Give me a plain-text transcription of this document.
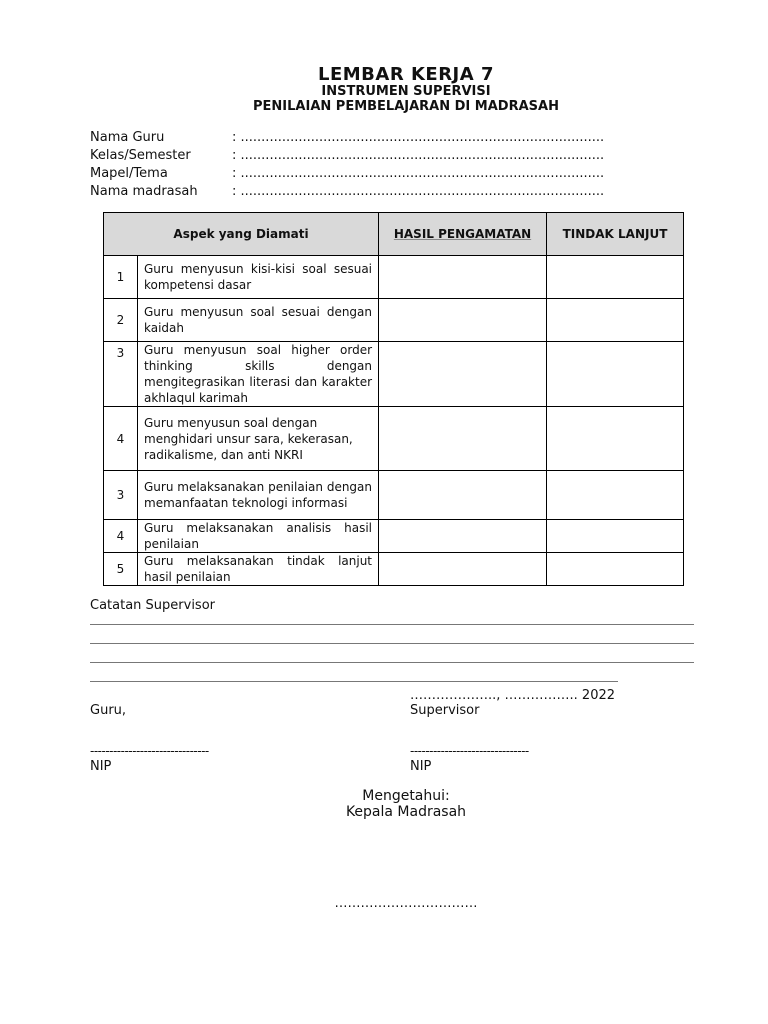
LEMBAR KERJA 7
INSTRUMEN SUPERVISI
PENILAIAN PEMBELAJARAN DI MADRASAH
Nama Guru	: ........................................................................................
Kelas/Semester	: ........................................................................................
Mapel/Tema	: ........................................................................................
Nama madrasah	: ........................................................................................
Aspek yang Diamati		HASIL PENGAMATAN	TINDAK LANJUT
1	Guru menyusun kisi-kisi soal sesuai kompetensi dasar		
2	Guru menyusun soal sesuai dengan kaidah		
3	Guru menyusun soal higher order thinking skills dengan mengitegrasikan literasi dan karakter akhlaqul karimah		
4	Guru menyusun soal dengan menghidari unsur sara, kekerasan, radikalisme, dan anti NKRI		
3	Guru melaksanakan penilaian dengan memanfaatan teknologi informasi		
4	Guru melaksanakan analisis hasil penilaian		
5	Guru melaksanakan tindak lanjut hasil penilaian		
Catatan Supervisor
……………….., …………….. 2022
Guru,	Supervisor
-------------------------------	-------------------------------
NIP	NIP
Mengetahui:
Kepala Madrasah
……………………………
